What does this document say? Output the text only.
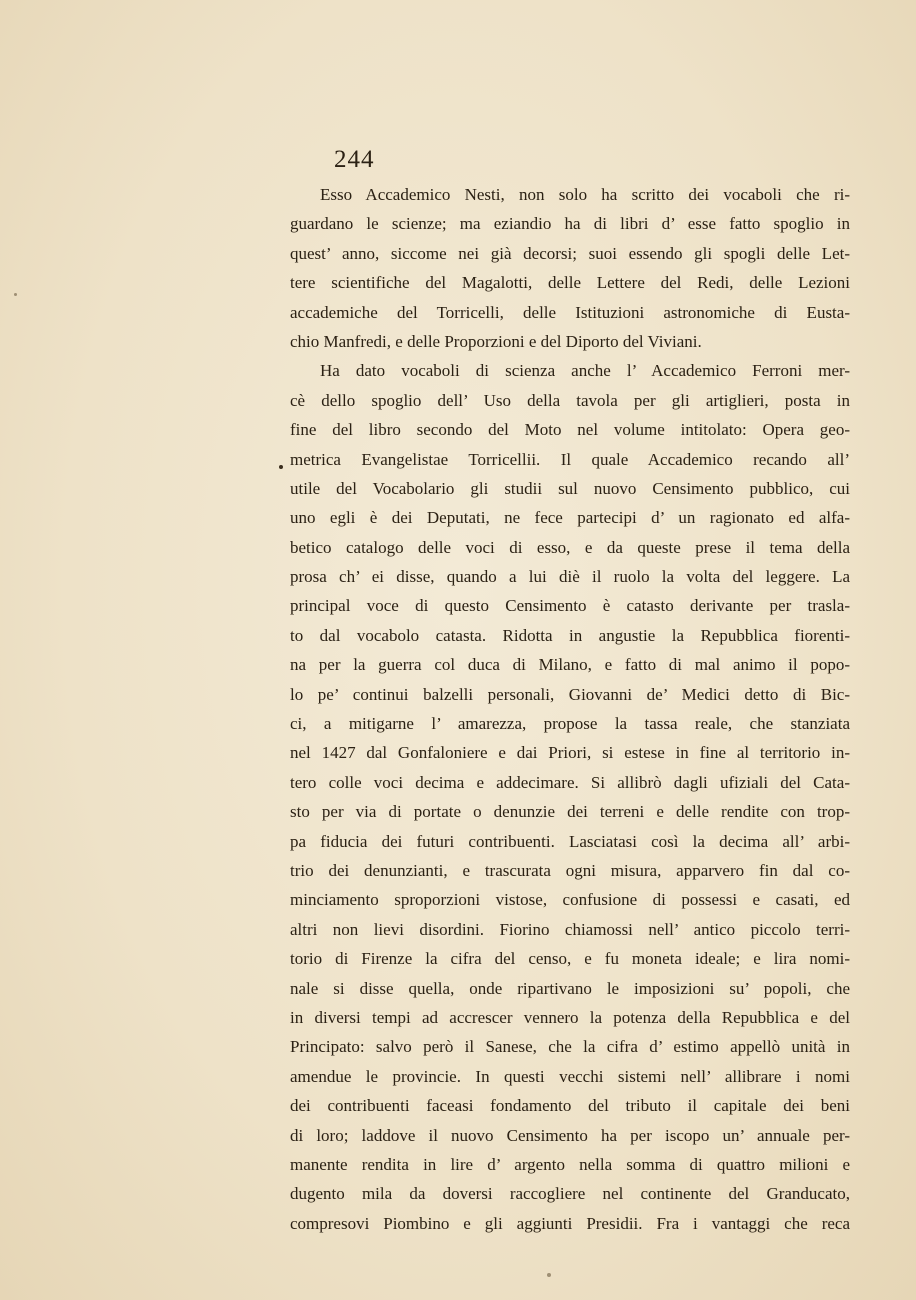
244
Esso Accademico Nesti, non solo ha scritto dei vocaboli che ri-
guardano le scienze; ma eziandio ha di libri d’ esse fatto spoglio in
quest’ anno, siccome nei già decorsi; suoi essendo gli spogli delle Let-
tere scientifiche del Magalotti, delle Lettere del Redi, delle Lezioni
accademiche del Torricelli, delle Istituzioni astronomiche di Eusta-
chio Manfredi, e delle Proporzioni e del Diporto del Viviani.
Ha dato vocaboli di scienza anche l’ Accademico Ferroni mer-
cè dello spoglio dell’ Uso della tavola per gli artiglieri, posta in
fine del libro secondo del Moto nel volume intitolato: Opera geo-
metrica Evangelistae Torricellii. Il quale Accademico recando all’
utile del Vocabolario gli studii sul nuovo Censimento pubblico, cui
uno egli è dei Deputati, ne fece partecipi d’ un ragionato ed alfa-
betico catalogo delle voci di esso, e da queste prese il tema della
prosa ch’ ei disse, quando a lui diè il ruolo la volta del leggere. La
principal voce di questo Censimento è catasto derivante per trasla-
to dal vocabolo catasta. Ridotta in angustie la Repubblica fiorenti-
na per la guerra col duca di Milano, e fatto di mal animo il popo-
lo pe’ continui balzelli personali, Giovanni de’ Medici detto di Bic-
ci, a mitigarne l’ amarezza, propose la tassa reale, che stanziata
nel 1427 dal Gonfaloniere e dai Priori, si estese in fine al territorio in-
tero colle voci decima e addecimare. Si allibrò dagli ufiziali del Cata-
sto per via di portate o denunzie dei terreni e delle rendite con trop-
pa fiducia dei futuri contribuenti. Lasciatasi così la decima all’ arbi-
trio dei denunzianti, e trascurata ogni misura, apparvero fin dal co-
minciamento sproporzioni vistose, confusione di possessi e casati, ed
altri non lievi disordini. Fiorino chiamossi nell’ antico piccolo terri-
torio di Firenze la cifra del censo, e fu moneta ideale; e lira nomi-
nale si disse quella, onde ripartivano le imposizioni su’ popoli, che
in diversi tempi ad accrescer vennero la potenza della Repubblica e del
Principato: salvo però il Sanese, che la cifra d’ estimo appellò unità in
amendue le provincie. In questi vecchi sistemi nell’ allibrare i nomi
dei contribuenti faceasi fondamento del tributo il capitale dei beni
di loro; laddove il nuovo Censimento ha per iscopo un’ annuale per-
manente rendita in lire d’ argento nella somma di quattro milioni e
dugento mila da doversi raccogliere nel continente del Granducato,
compresovi Piombino e gli aggiunti Presidii. Fra i vantaggi che reca
